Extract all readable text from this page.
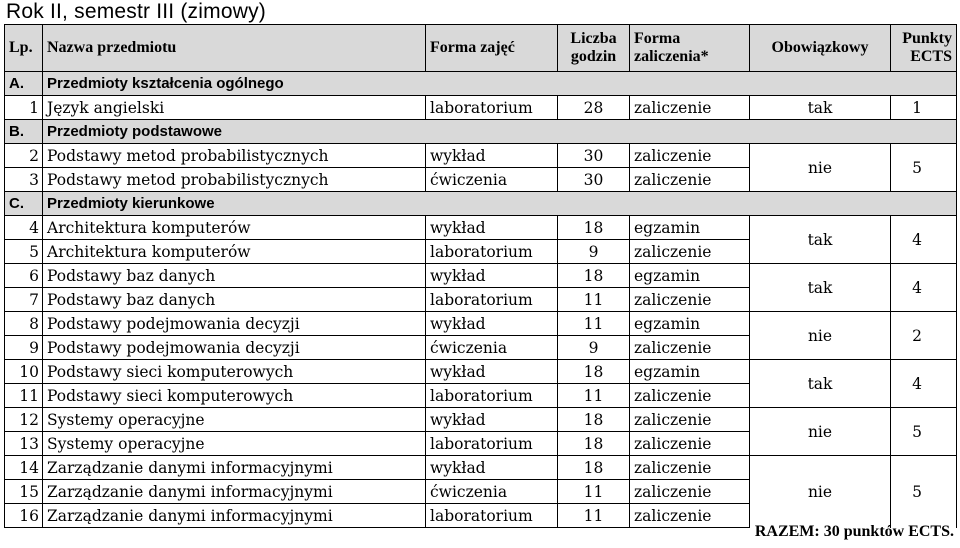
Rok II, semestr III (zimowy)
Lp.	Nazwa przedmiotu	Forma zajęć	Liczba godzin	Forma zaliczenia*	Obowiązkowy	Punkty ECTS
A.	Przedmioty kształcenia ogólnego					
1	Język angielski	laboratorium	28	zaliczenie	tak	1
B.	Przedmioty podstawowe					
2	Podstawy metod probabilistycznych	wykład	30	zaliczenie	nie	5
3	Podstawy metod probabilistycznych	ćwiczenia	30	zaliczenie		
C.	Przedmioty kierunkowe					
4	Architektura komputerów	wykład	18	egzamin	tak	4
5	Architektura komputerów	laboratorium	9	zaliczenie		
6	Podstawy baz danych	wykład	18	egzamin	tak	4
7	Podstawy baz danych	laboratorium	11	zaliczenie		
8	Podstawy podejmowania decyzji	wykład	11	egzamin	nie	2
9	Podstawy podejmowania decyzji	ćwiczenia	9	zaliczenie		
10	Podstawy sieci komputerowych	wykład	18	egzamin	tak	4
11	Podstawy sieci komputerowych	laboratorium	11	zaliczenie		
12	Systemy operacyjne	wykład	18	zaliczenie	nie	5
13	Systemy operacyjne	laboratorium	18	zaliczenie		
14	Zarządzanie danymi informacyjnymi	wykład	18	zaliczenie	nie	5
15	Zarządzanie danymi informacyjnymi	ćwiczenia	11	zaliczenie		
16	Zarządzanie danymi informacyjnymi	laboratorium	11	zaliczenie		
RAZEM: 30 punktów ECTS.
